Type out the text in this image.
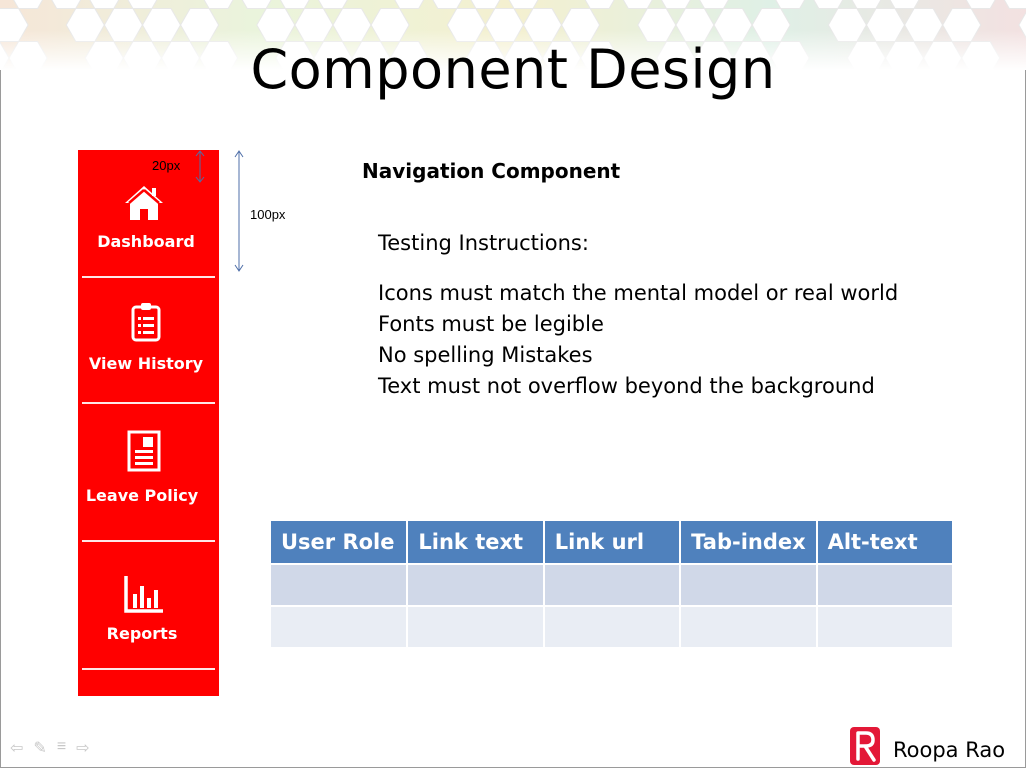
Component Design
Dashboard
View History
Leave Policy
Reports
20px
100px
Navigation Component
Testing Instructions:
Icons must match the mental model or real world
Fonts must be legible
No spelling Mistakes
Text must not overflow beyond the background
User Role	Link text	Link url	Tab-index	Alt-text

⇦ ✎ ≡ ⇨	Roopa Rao
